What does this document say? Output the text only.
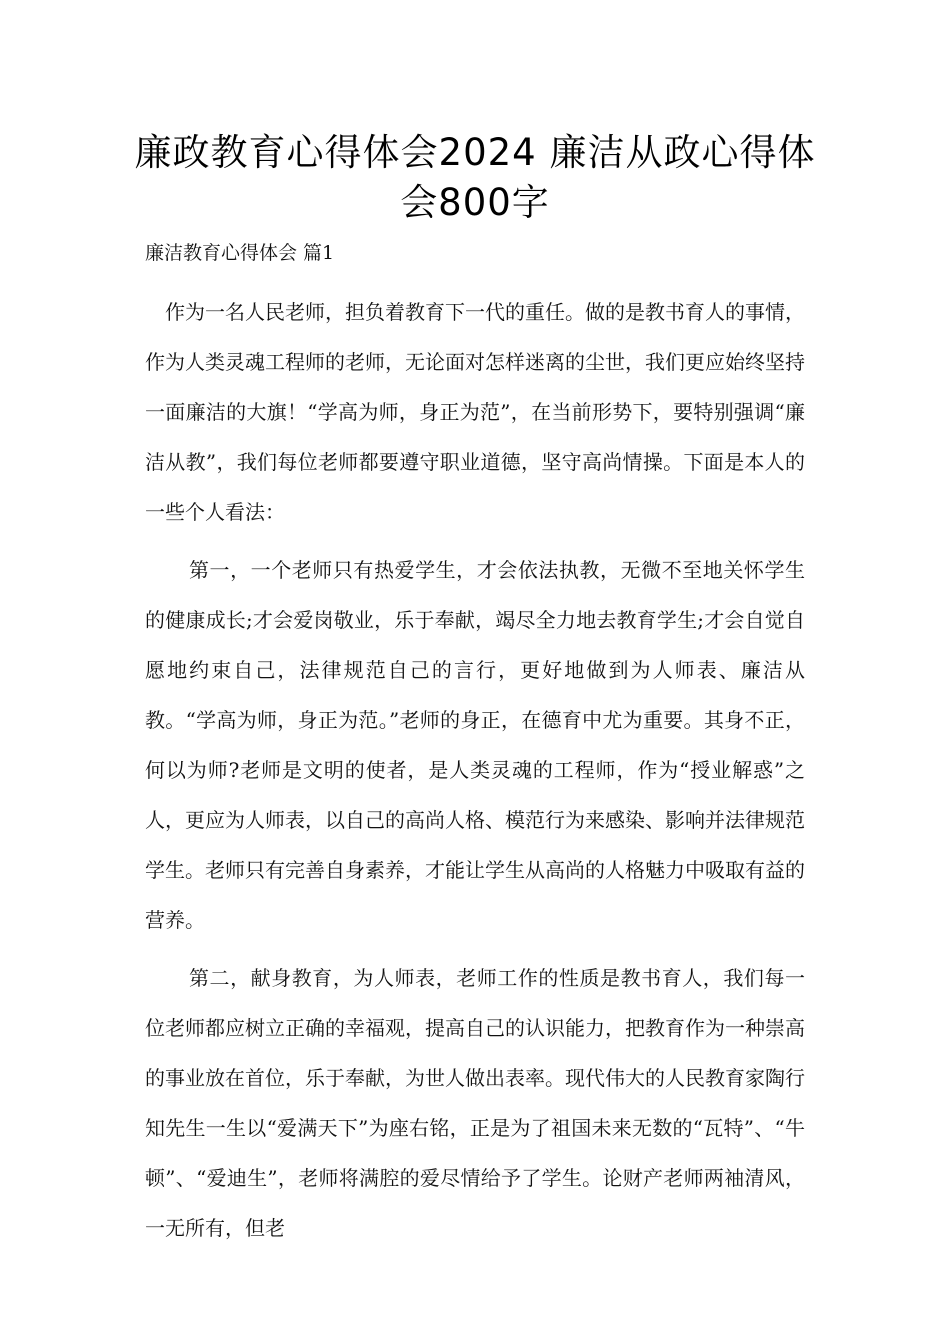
廉政教育心得体会2024 廉洁从政心得体会800字

廉洁教育心得体会 篇1

作为一名人民老师，担负着教育下一代的重任。做的是教书育人的事情，作为人类灵魂工程师的老师，无论面对怎样迷离的尘世，我们更应始终坚持一面廉洁的大旗！“学高为师，身正为范”，在当前形势下，要特别强调“廉洁从教”，我们每位老师都要遵守职业道德，坚守高尚情操。下面是本人的一些个人看法：

第一，一个老师只有热爱学生，才会依法执教，无微不至地关怀学生的健康成长;才会爱岗敬业，乐于奉献，竭尽全力地去教育学生;才会自觉自愿地约束自己，法律规范自己的言行，更好地做到为人师表、廉洁从教。“学高为师，身正为范。”老师的身正，在德育中尤为重要。其身不正，何以为师?老师是文明的使者，是人类灵魂的工程师，作为“授业解惑”之人，更应为人师表，以自己的高尚人格、模范行为来感染、影响并法律规范学生。老师只有完善自身素养，才能让学生从高尚的人格魅力中吸取有益的营养。

第二，献身教育，为人师表，老师工作的性质是教书育人，我们每一位老师都应树立正确的幸福观，提高自己的认识能力，把教育作为一种崇高的事业放在首位，乐于奉献，为世人做出表率。现代伟大的人民教育家陶行知先生一生以“爱满天下”为座右铭，正是为了祖国未来无数的“瓦特”、“牛顿”、“爱迪生”，老师将满腔的爱尽情给予了学生。论财产老师两袖清风，一无所有，但老
